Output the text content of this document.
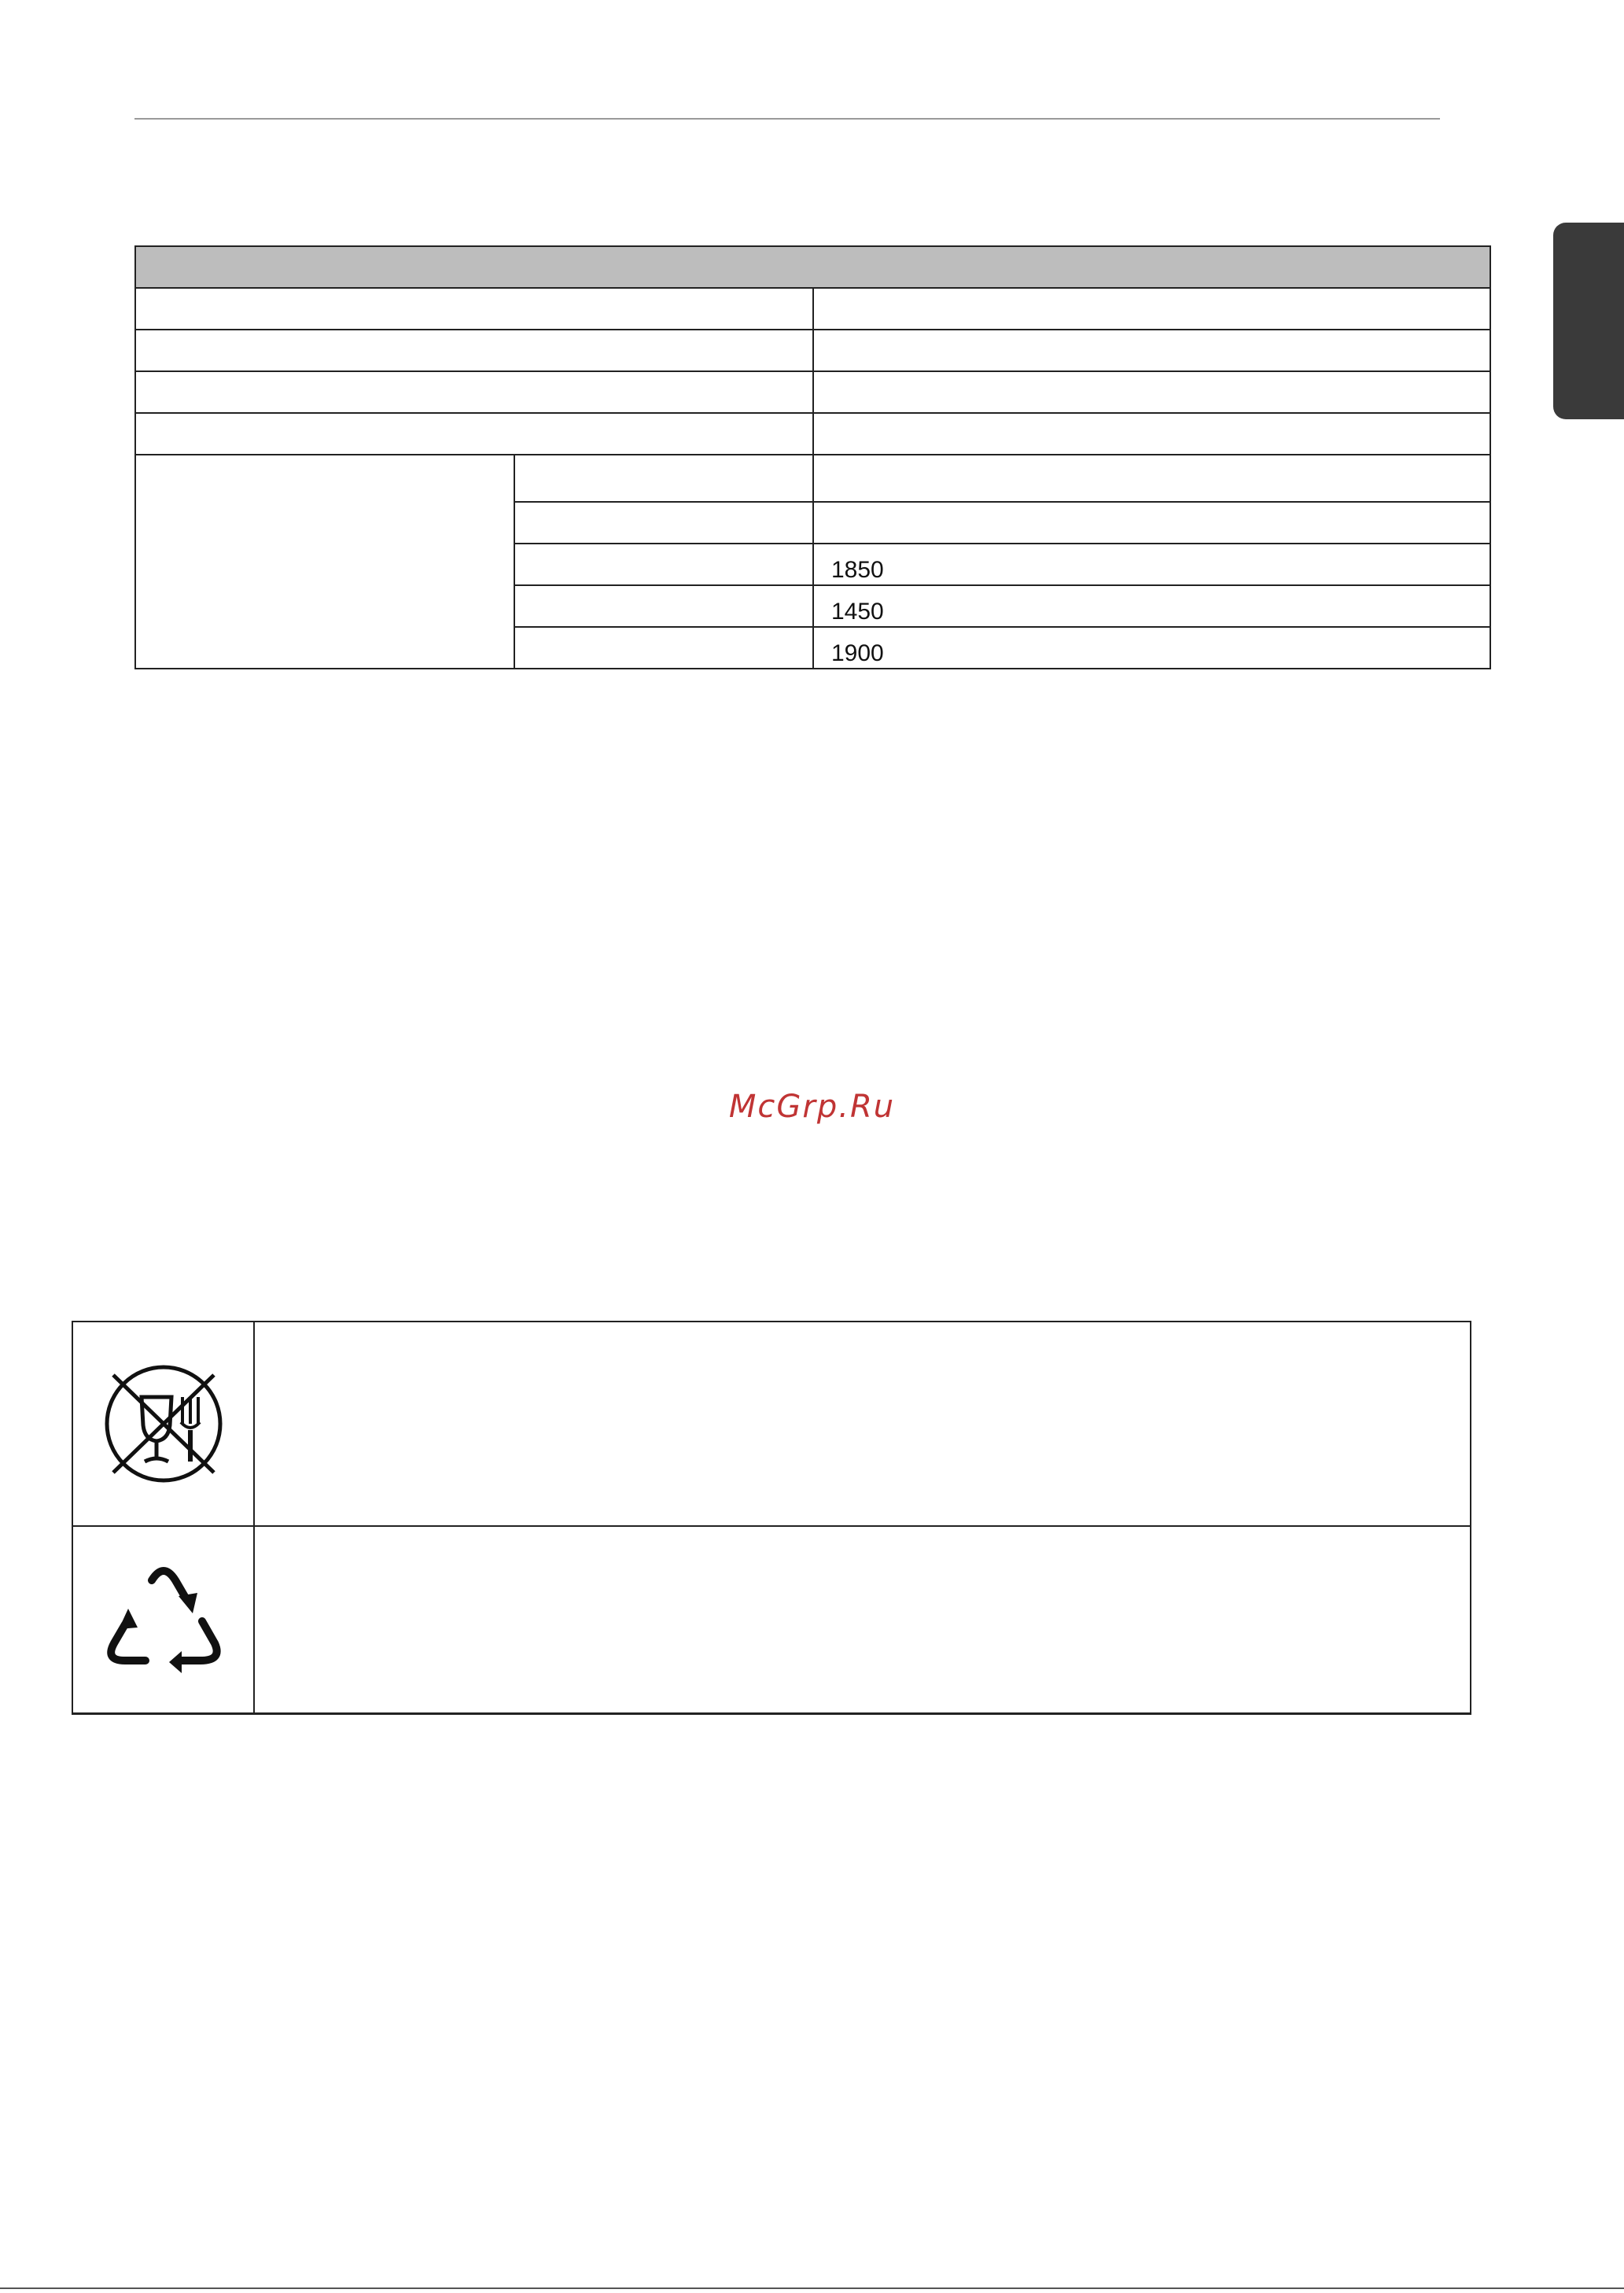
		1850
		1450
		1900
McGrp.Ru
